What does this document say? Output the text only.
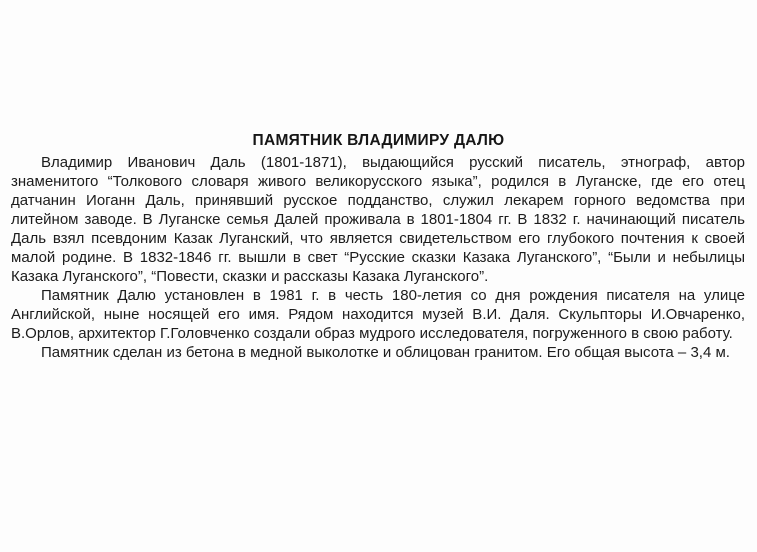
ПАМЯТНИК ВЛАДИМИРУ ДАЛЮ

Владимир Иванович Даль (1801-1871), выдающийся русский писатель, этнограф, автор знаменитого “Толкового словаря живого великорусского языка”, родился в Луганске, где его отец датчанин Иоганн Даль, принявший русское подданство, служил лекарем горного ведомства при литейном заводе. В Луганске семья Далей проживала в 1801-1804 гг. В 1832 г. начинающий писатель Даль взял псевдоним Казак Луганский, что является свидетельством его глубокого почтения к своей малой родине. В 1832-1846 гг. вышли в свет “Русские сказки Казака Луганского”, “Были и небылицы Казака Луганского”, “Повести, сказки и рассказы Казака Луганского”.

Памятник Далю установлен в 1981 г. в честь 180-летия со дня рождения писателя на улице Английской, ныне носящей его имя. Рядом находится музей В.И. Даля. Скульпторы И.Овчаренко, В.Орлов, архитектор Г.Головченко создали образ мудрого исследователя, погруженного в свою работу.

Памятник сделан из бетона в медной выколотке и облицован гранитом. Его общая высота – 3,4 м.
